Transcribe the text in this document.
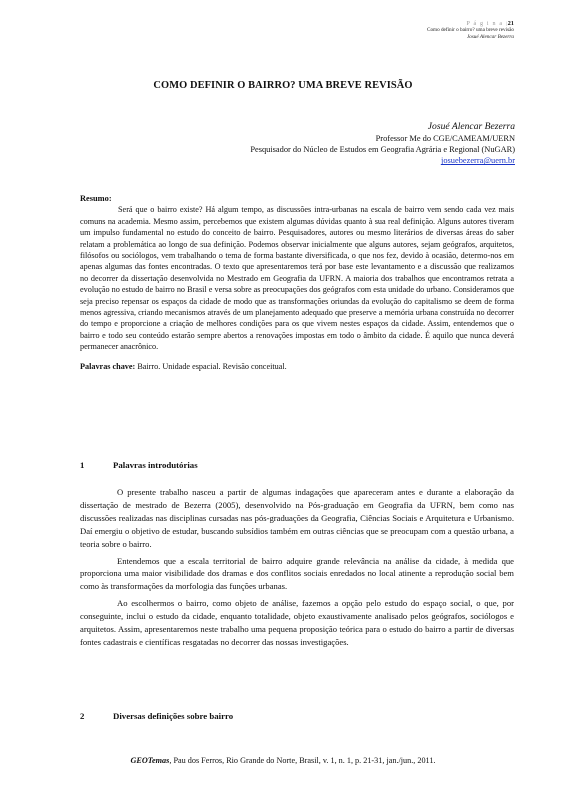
P á g i n a |21
Como definir o bairro? uma breve revisão
Josué Alencar Bezerra
COMO DEFINIR O BAIRRO? UMA BREVE REVISÃO
Josué Alencar Bezerra
Professor Me do CGE/CAMEAM/UERN
Pesquisador do Núcleo de Estudos em Geografia Agrária e Regional (NuGAR)
josuebezerra@uern.br
Resumo:

Será que o bairro existe? Há algum tempo, as discussões intra-urbanas na escala de bairro vem sendo cada vez mais comuns na academia. Mesmo assim, percebemos que existem algumas dúvidas quanto à sua real definição. Alguns autores tiveram um impulso fundamental no estudo do conceito de bairro. Pesquisadores, autores ou mesmo literários de diversas áreas do saber relatam a problemática ao longo de sua definição. Podemos observar inicialmente que alguns autores, sejam geógrafos, arquitetos, filósofos ou sociólogos, vem trabalhando o tema de forma bastante diversificada, o que nos fez, devido à ocasião, determo-nos em apenas algumas das fontes encontradas. O texto que apresentaremos terá por base este levantamento e a discussão que realizamos no decorrer da dissertação desenvolvida no Mestrado em Geografia da UFRN. A maioria dos trabalhos que encontramos retrata a evolução no estudo de bairro no Brasil e versa sobre as preocupações dos geógrafos com esta unidade do urbano. Consideramos que seja preciso repensar os espaços da cidade de modo que as transformações oriundas da evolução do capitalismo se deem de forma menos agressiva, criando mecanismos através de um planejamento adequado que preserve a memória urbana construída no decorrer do tempo e proporcione a criação de melhores condições para os que vivem nestes espaços da cidade. Assim, entendemos que o bairro e todo seu conteúdo estarão sempre abertos a renovações impostas em todo o âmbito da cidade. É aquilo que nunca deverá permanecer anacrônico.

Palavras chave: Bairro. Unidade espacial. Revisão conceitual.

1	Palavras introdutórias

O presente trabalho nasceu a partir de algumas indagações que apareceram antes e durante a elaboração da dissertação de mestrado de Bezerra (2005), desenvolvido na Pós-graduação em Geografia da UFRN, bem como nas discussões realizadas nas disciplinas cursadas nas pós-graduações da Geografia, Ciências Sociais e Arquitetura e Urbanismo. Daí emergiu o objetivo de estudar, buscando subsídios também em outras ciências que se preocupam com a questão urbana, a teoria sobre o bairro.

Entendemos que a escala territorial de bairro adquire grande relevância na análise da cidade, à medida que proporciona uma maior visibilidade dos dramas e dos conflitos sociais enredados no local atinente a reprodução social bem como às transformações da morfologia das funções urbanas.

Ao escolhermos o bairro, como objeto de análise, fazemos a opção pelo estudo do espaço social, o que, por conseguinte, inclui o estudo da cidade, enquanto totalidade, objeto exaustivamente analisado pelos geógrafos, sociólogos e arquitetos. Assim, apresentaremos neste trabalho uma pequena proposição teórica para o estudo do bairro a partir de diversas fontes cadastrais e científicas resgatadas no decorrer das nossas investigações.

2	Diversas definições sobre bairro
GEOTemas, Pau dos Ferros, Rio Grande do Norte, Brasil, v. 1, n. 1, p. 21-31, jan./jun., 2011.
